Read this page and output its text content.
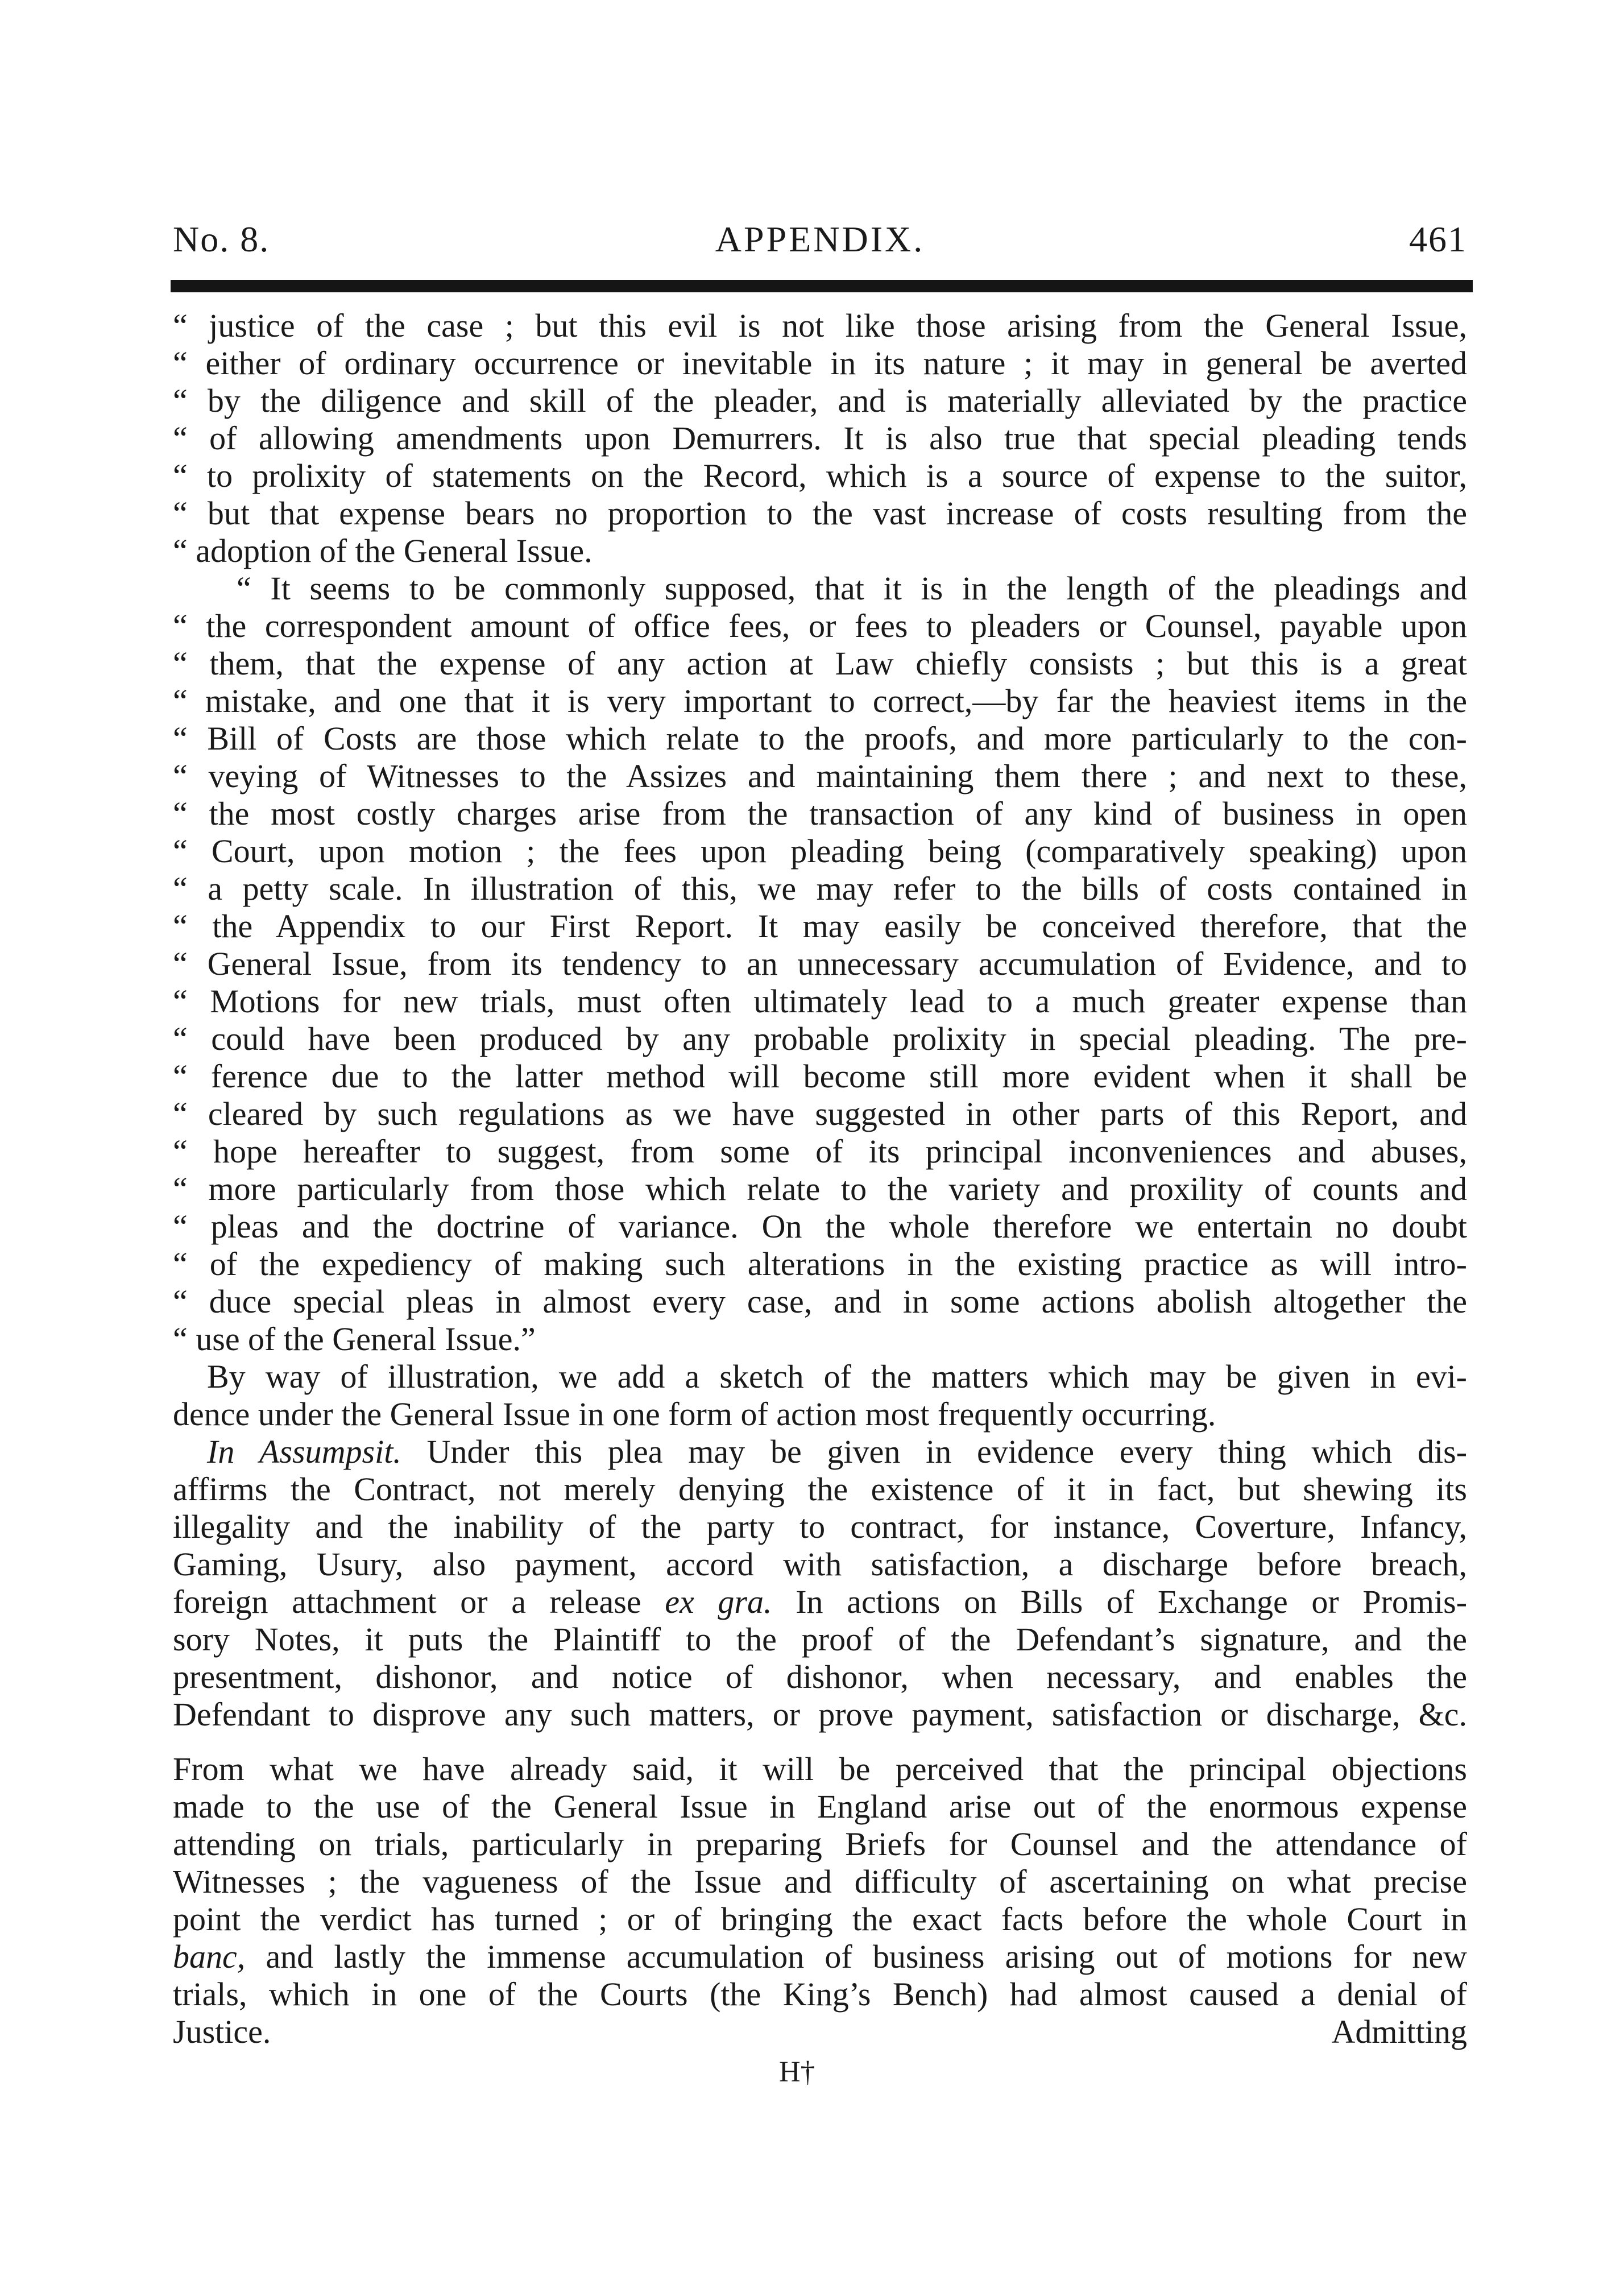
No. 8.	APPENDIX.	461
“ justice of the case ; but this evil is not like those arising from the General Issue,
“ either of ordinary occurrence or inevitable in its nature ; it may in general be averted
“ by the diligence and skill of the pleader, and is materially alleviated by the practice
“ of allowing amendments upon Demurrers. It is also true that special pleading tends
“ to prolixity of statements on the Record, which is a source of expense to the suitor,
“ but that expense bears no proportion to the vast increase of costs resulting from the
“ adoption of the General Issue.
“ It seems to be commonly supposed, that it is in the length of the pleadings and
“ the correspondent amount of office fees, or fees to pleaders or Counsel, payable upon
“ them, that the expense of any action at Law chiefly consists ; but this is a great
“ mistake, and one that it is very important to correct,—by far the heaviest items in the
“ Bill of Costs are those which relate to the proofs, and more particularly to the con-
“ veying of Witnesses to the Assizes and maintaining them there ; and next to these,
“ the most costly charges arise from the transaction of any kind of business in open
“ Court, upon motion ; the fees upon pleading being (comparatively speaking) upon
“ a petty scale. In illustration of this, we may refer to the bills of costs contained in
“ the Appendix to our First Report. It may easily be conceived therefore, that the
“ General Issue, from its tendency to an unnecessary accumulation of Evidence, and to
“ Motions for new trials, must often ultimately lead to a much greater expense than
“ could have been produced by any probable prolixity in special pleading. The pre-
“ ference due to the latter method will become still more evident when it shall be
“ cleared by such regulations as we have suggested in other parts of this Report, and
“ hope hereafter to suggest, from some of its principal inconveniences and abuses,
“ more particularly from those which relate to the variety and proxility of counts and
“ pleas and the doctrine of variance. On the whole therefore we entertain no doubt
“ of the expediency of making such alterations in the existing practice as will intro-
“ duce special pleas in almost every case, and in some actions abolish altogether the
“ use of the General Issue.”
By way of illustration, we add a sketch of the matters which may be given in evi-
dence under the General Issue in one form of action most frequently occurring.
In Assumpsit. Under this plea may be given in evidence every thing which dis-
affirms the Contract, not merely denying the existence of it in fact, but shewing its
illegality and the inability of the party to contract, for instance, Coverture, Infancy,
Gaming, Usury, also payment, accord with satisfaction, a discharge before breach,
foreign attachment or a release ex gra. In actions on Bills of Exchange or Promis-
sory Notes, it puts the Plaintiff to the proof of the Defendant’s signature, and the
presentment, dishonor, and notice of dishonor, when necessary, and enables the
Defendant to disprove any such matters, or prove payment, satisfaction or discharge, &c.
From what we have already said, it will be perceived that the principal objections
made to the use of the General Issue in England arise out of the enormous expense
attending on trials, particularly in preparing Briefs for Counsel and the attendance of
Witnesses ; the vagueness of the Issue and difficulty of ascertaining on what precise
point the verdict has turned ; or of bringing the exact facts before the whole Court in
banc, and lastly the immense accumulation of business arising out of motions for new
trials, which in one of the Courts (the King’s Bench) had almost caused a denial of
Justice.	Admitting
H†
